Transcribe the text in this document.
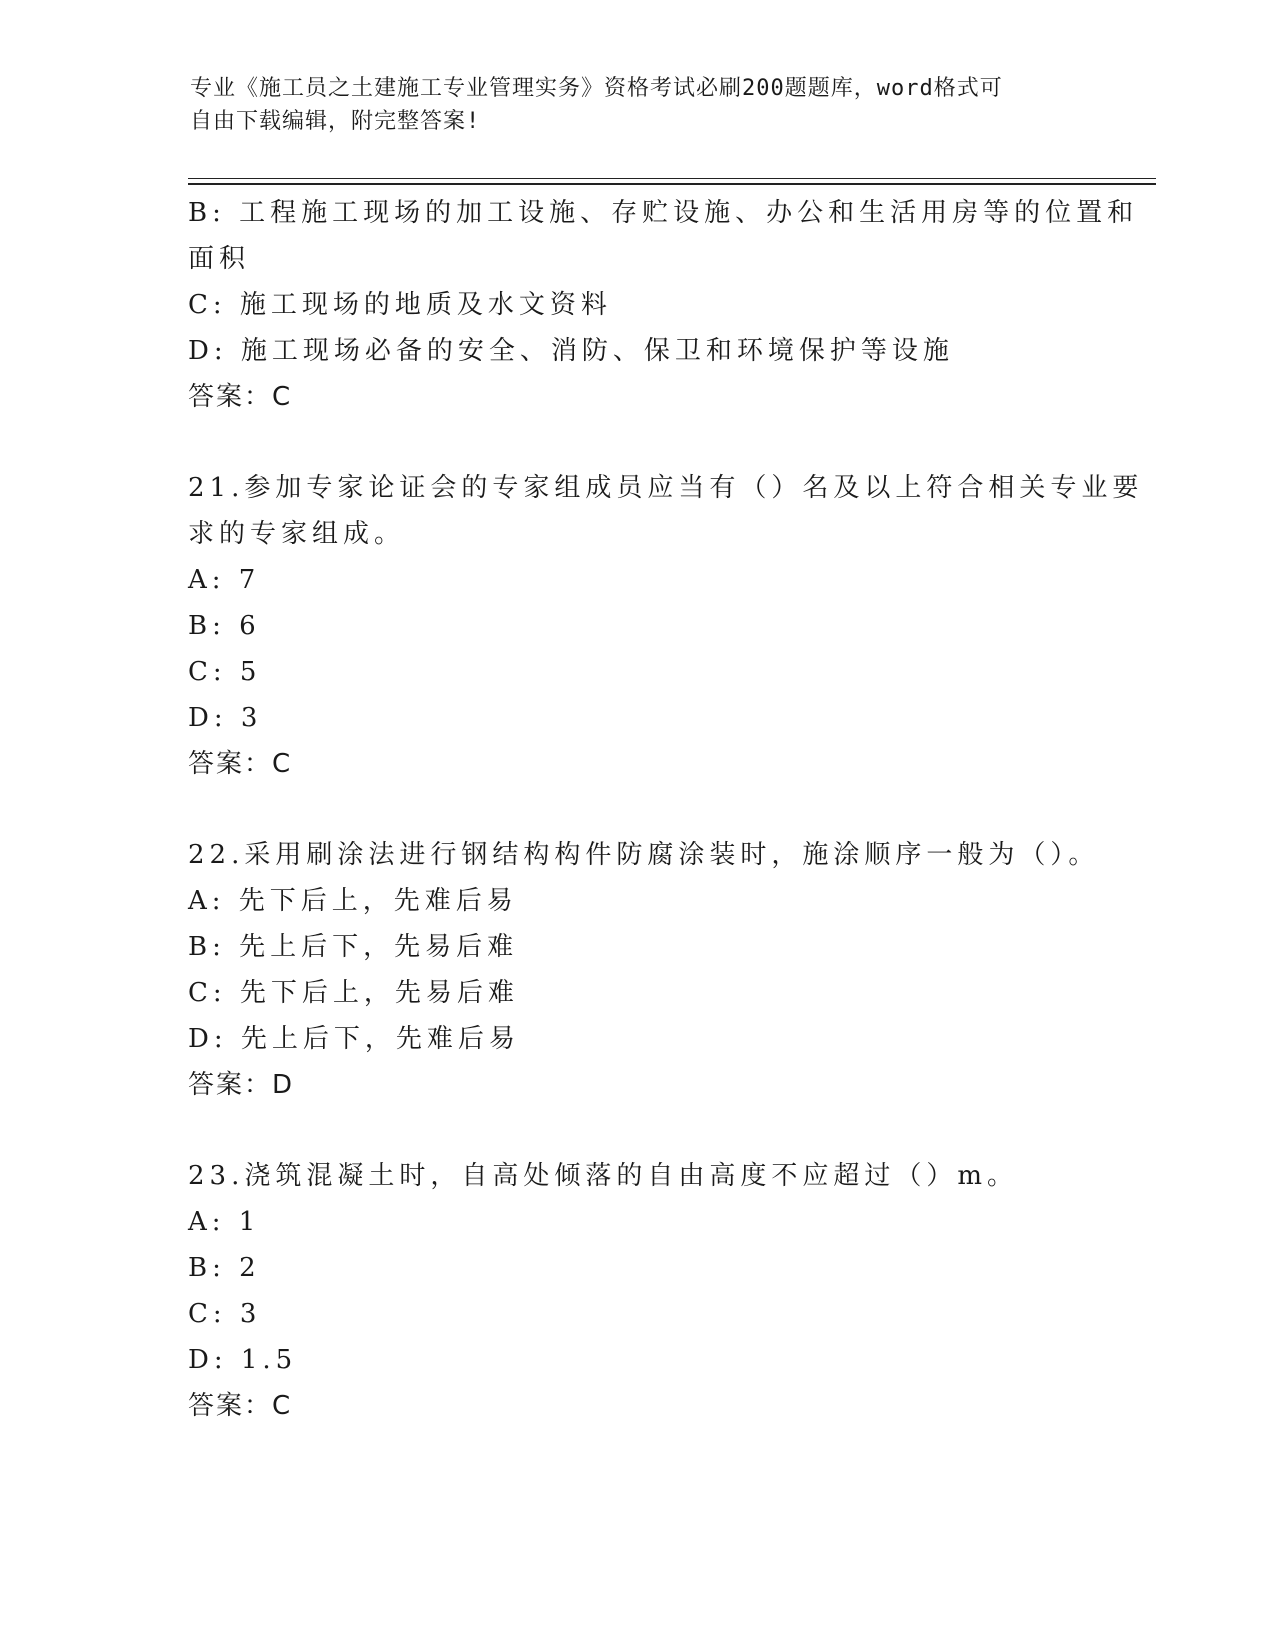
专业《施工员之土建施工专业管理实务》资格考试必刷200题题库，word格式可
自由下载编辑，附完整答案!
B: 工程施工现场的加工设施、存贮设施、办公和生活用房等的位置和
面积
C: 施工现场的地质及水文资料
D: 施工现场必备的安全、消防、保卫和环境保护等设施
答案：C
21.参加专家论证会的专家组成员应当有（）名及以上符合相关专业要
求的专家组成。
A: 7
B: 6
C: 5
D: 3
答案：C
22.采用刷涂法进行钢结构构件防腐涂装时，施涂顺序一般为（）。
A: 先下后上，先难后易
B: 先上后下，先易后难
C: 先下后上，先易后难
D: 先上后下，先难后易
答案：D
23.浇筑混凝土时，自高处倾落的自由高度不应超过（）m。
A: 1
B: 2
C: 3
D: 1.5
答案：C
